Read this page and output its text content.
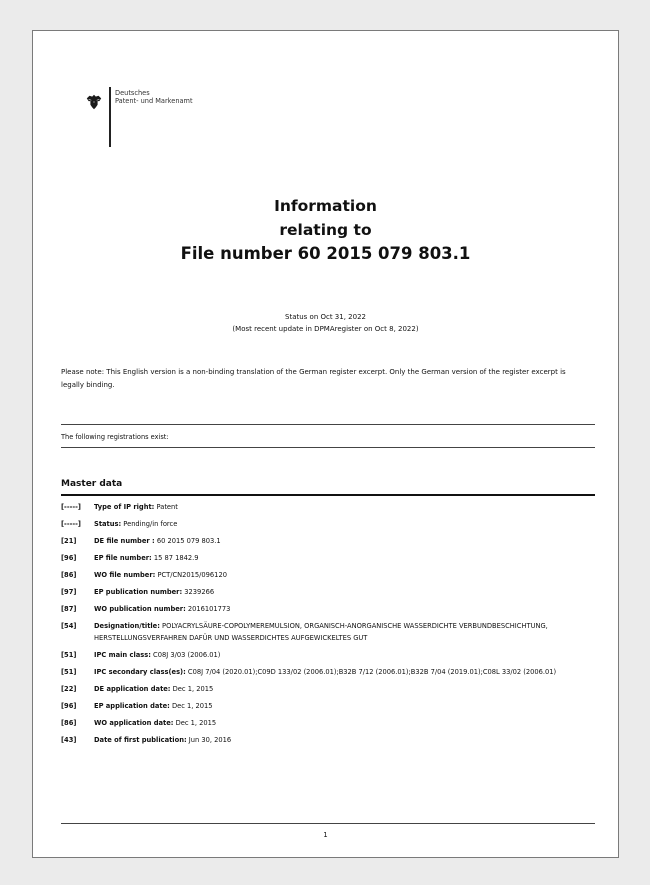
Deutsches
Patent- und Markenamt
Information
relating to
File number 60 2015 079 803.1
Status on Oct 31, 2022
(Most recent update in DPMAregister on Oct 8, 2022)
Please note: This English version is a non-binding translation of the German register excerpt. Only the German version of the register excerpt is legally binding.
The following registrations exist:
Master data
[-----]	Type of IP right: Patent
[-----]	Status: Pending/in force
[21]	DE file number : 60 2015 079 803.1
[96]	EP file number: 15 87 1842.9
[86]	WO file number: PCT/CN2015/096120
[97]	EP publication number: 3239266
[87]	WO publication number: 2016101773
[54]	Designation/title: POLYACRYLSÄURE-COPOLYMEREMULSION, ORGANISCH-ANORGANISCHE WASSERDICHTE VERBUNDBESCHICHTUNG, HERSTELLUNGSVERFAHREN DAFÜR UND WASSERDICHTES AUFGEWICKELTES GUT
[51]	IPC main class: C08J 3/03 (2006.01)
[51]	IPC secondary class(es): C08J 7/04 (2020.01);C09D 133/02 (2006.01);B32B 7/12 (2006.01);B32B 7/04 (2019.01);C08L 33/02 (2006.01)
[22]	DE application date: Dec 1, 2015
[96]	EP application date: Dec 1, 2015
[86]	WO application date: Dec 1, 2015
[43]	Date of first publication: Jun 30, 2016
1
